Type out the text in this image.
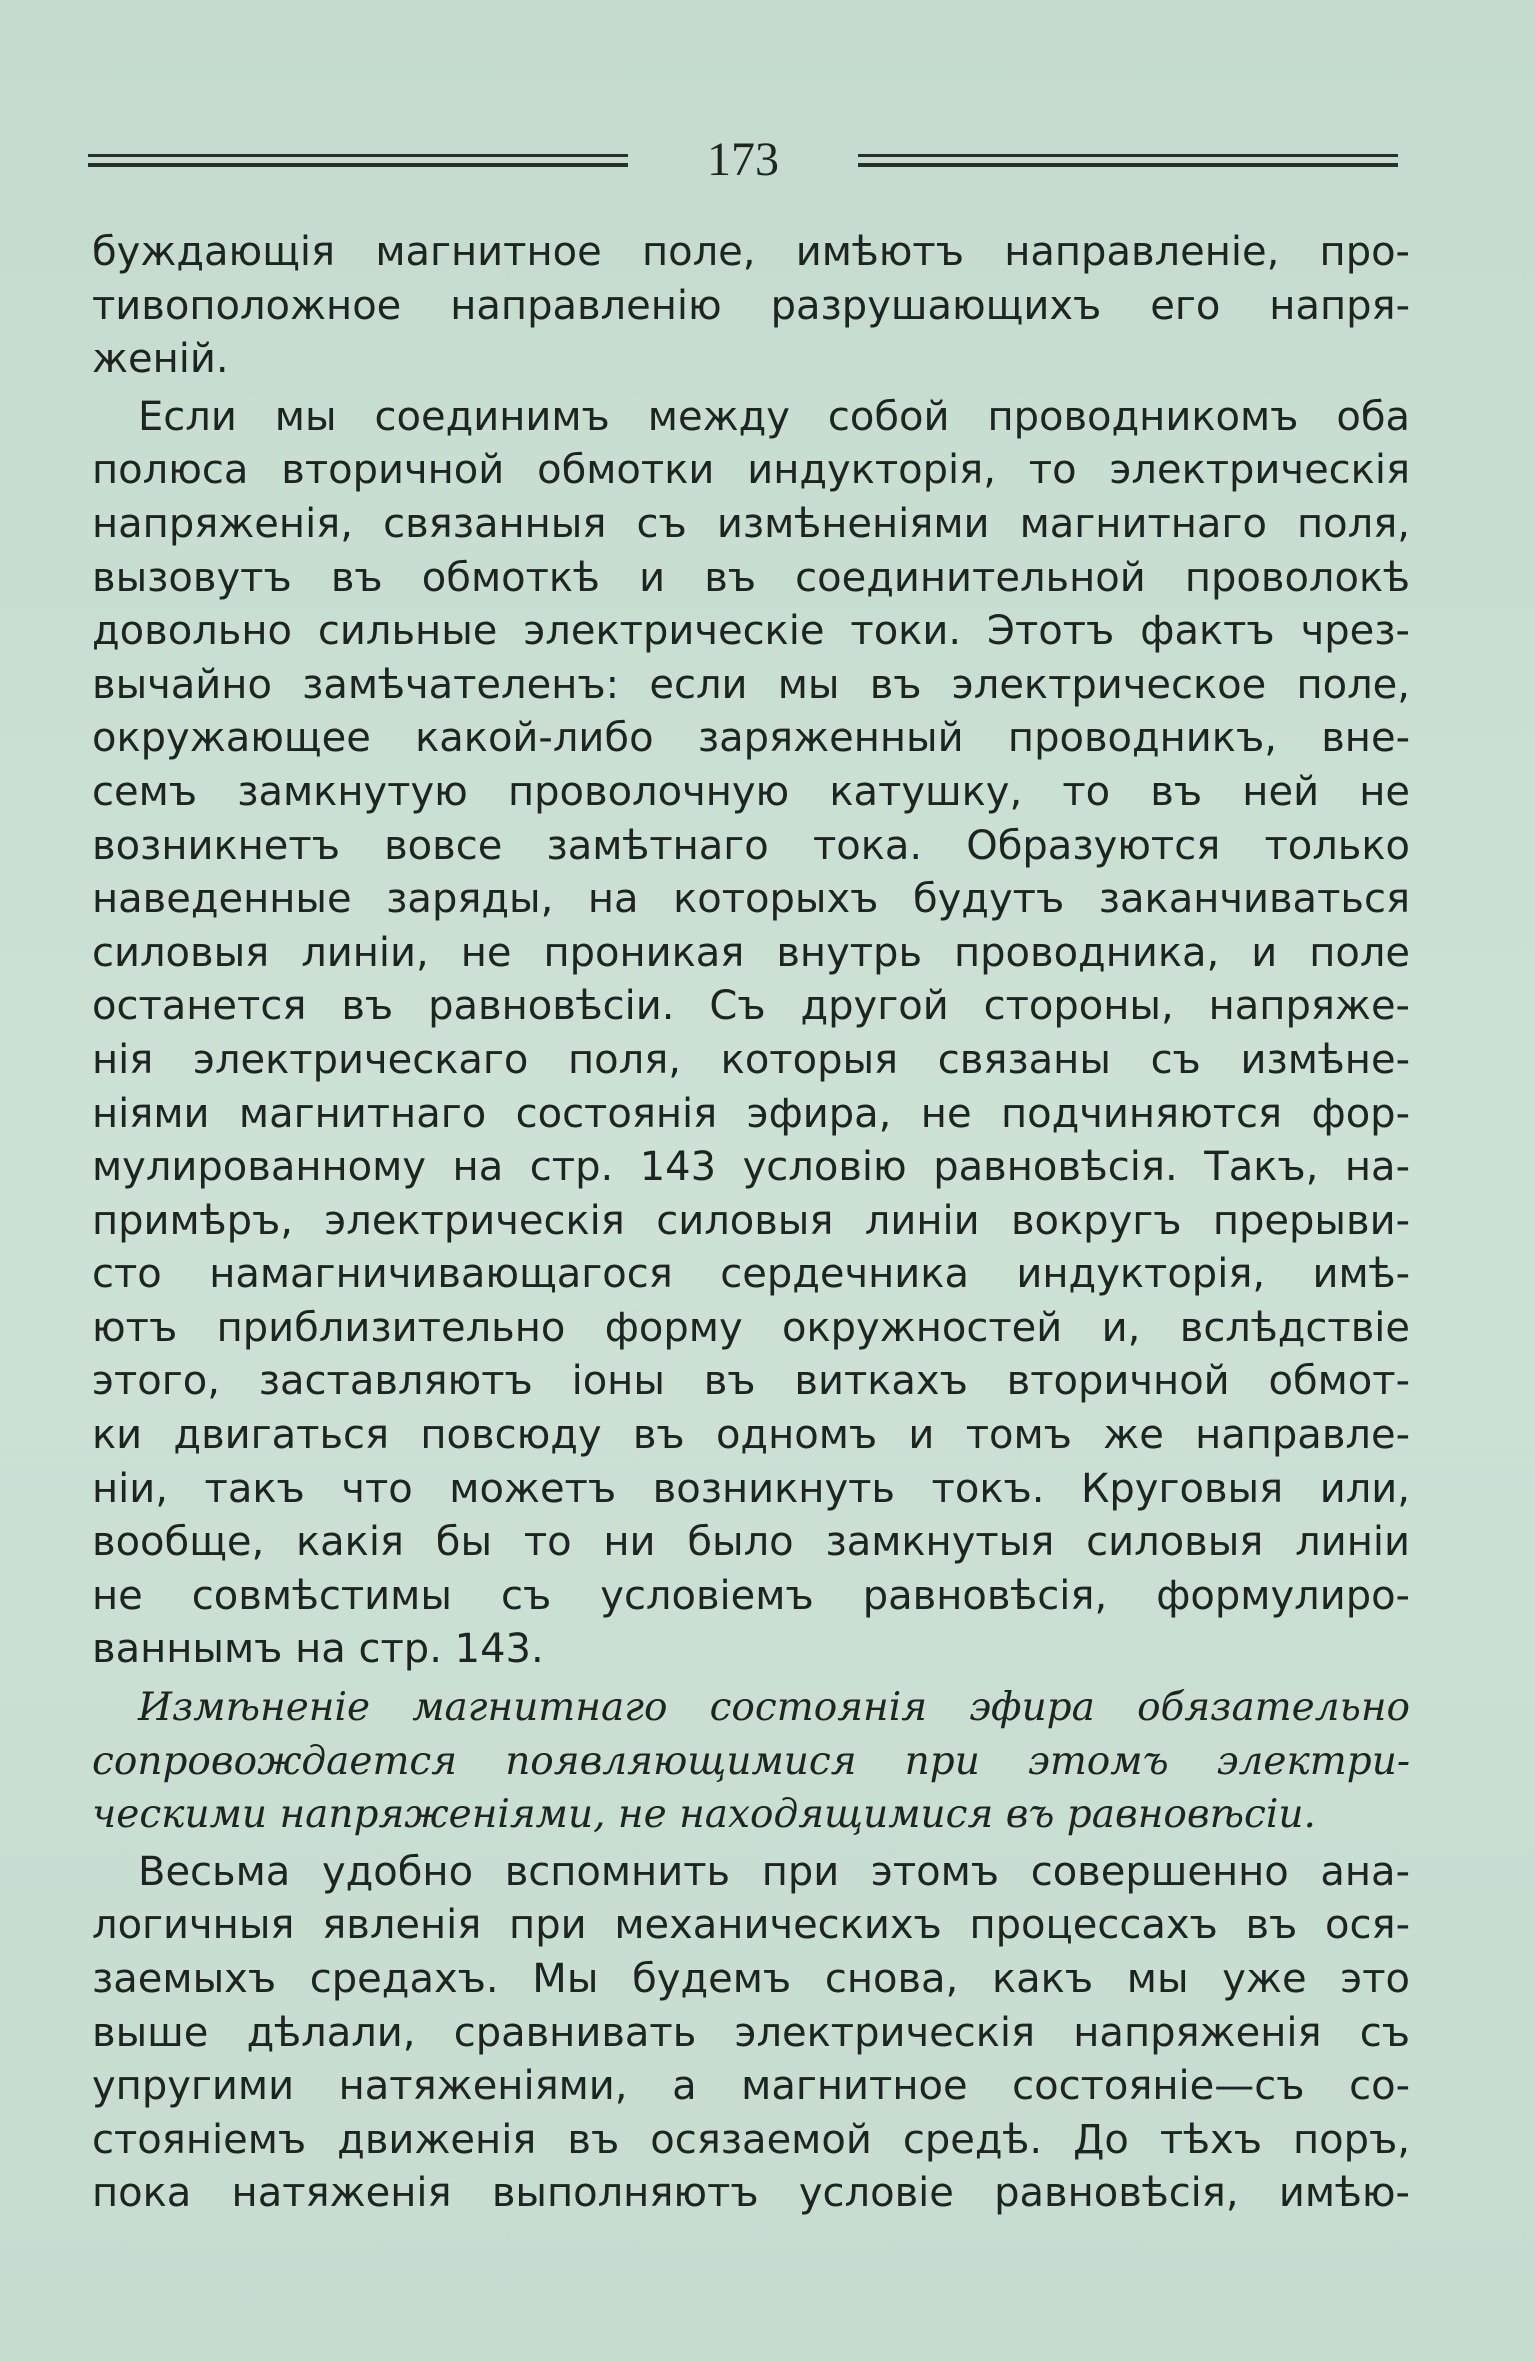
173
буждающія магнитное поле, имѣютъ направленіе, про-
тивоположное направленію разрушающихъ его напря-
женій.
Если мы соединимъ между собой проводникомъ оба
полюса вторичной обмотки индукторія, то электрическія
напряженія, связанныя съ измѣненіями магнитнаго поля,
вызовутъ въ обмоткѣ и въ соединительной проволокѣ
довольно сильные электрическіе токи. Этотъ фактъ чрез-
вычайно замѣчателенъ: если мы въ электрическое поле,
окружающее какой-либо заряженный проводникъ, вне-
семъ замкнутую проволочную катушку, то въ ней не
возникнетъ вовсе замѣтнаго тока. Образуются только
наведенные заряды, на которыхъ будутъ заканчиваться
силовыя линіи, не проникая внутрь проводника, и поле
останется въ равновѣсіи. Съ другой стороны, напряже-
нія электрическаго поля, которыя связаны съ измѣне-
ніями магнитнаго состоянія эфира, не подчиняются фор-
мулированному на стр. 143 условію равновѣсія. Такъ, на-
примѣръ, электрическія силовыя линіи вокругъ прерыви-
сто намагничивающагося сердечника индукторія, имѣ-
ютъ приблизительно форму окружностей и, вслѣдствіе
этого, заставляютъ іоны въ виткахъ вторичной обмот-
ки двигаться повсюду въ одномъ и томъ же направле-
ніи, такъ что можетъ возникнуть токъ. Круговыя или,
вообще, какія бы то ни было замкнутыя силовыя линіи
не совмѣстимы съ условіемъ равновѣсія, формулиро-
ваннымъ на стр. 143.
Измѣненіе магнитнаго состоянія эфира обязательно
сопровождается появляющимися при этомъ электри-
ческими напряженіями, не находящимися въ равновѣсіи.
Весьма удобно вспомнить при этомъ совершенно ана-
логичныя явленія при механическихъ процессахъ въ ося-
заемыхъ средахъ. Мы будемъ снова, какъ мы уже это
выше дѣлали, сравнивать электрическія напряженія съ
упругими натяженіями, а магнитное состояніе—съ со-
стояніемъ движенія въ осязаемой средѣ. До тѣхъ поръ,
пока натяженія выполняютъ условіе равновѣсія, имѣю-
